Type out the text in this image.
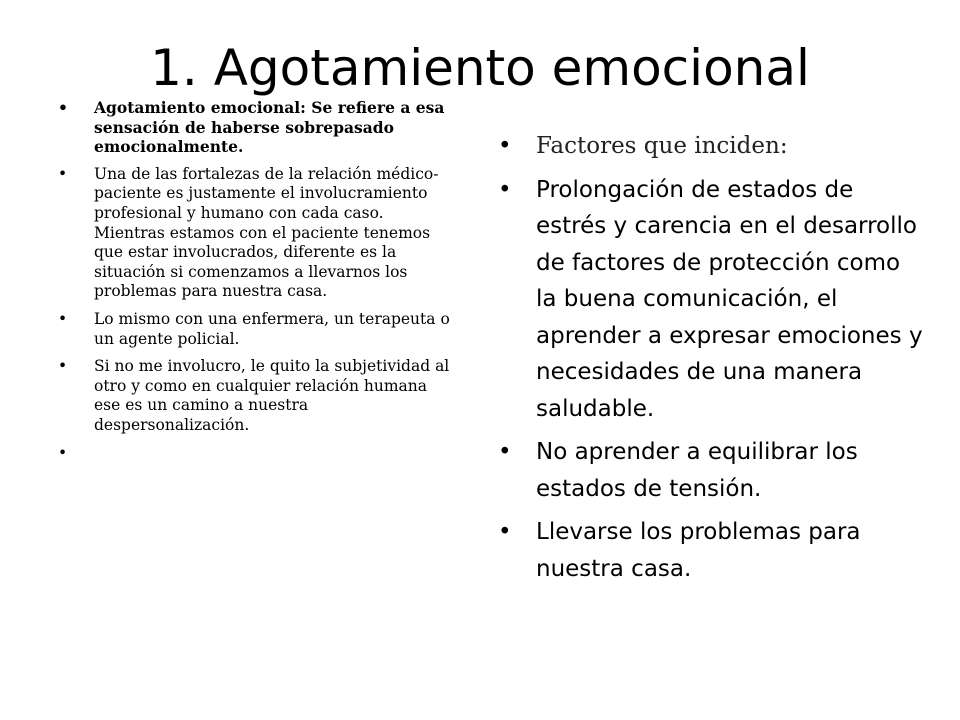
1. Agotamiento emocional
• Agotamiento emocional: Se refiere a esa sensación de haberse sobrepasado emocionalmente.
• Una de las fortalezas de la relación médico-paciente es justamente el involucramiento profesional y humano con cada caso. Mientras estamos con el paciente tenemos que estar involucrados, diferente es la situación si comenzamos a llevarnos los problemas para nuestra casa.
• Lo mismo con una enfermera, un terapeuta o un agente policial.
• Si no me involucro, le quito la subjetividad al otro y como en cualquier relación humana ese es un camino a nuestra despersonalización.
•
• Factores que inciden:
• Prolongación de estados de estrés y carencia en el desarrollo de factores de protección como la buena comunicación, el aprender a expresar emociones y necesidades de una manera saludable.
• No aprender a equilibrar los estados de tensión.
• Llevarse los problemas para nuestra casa.
